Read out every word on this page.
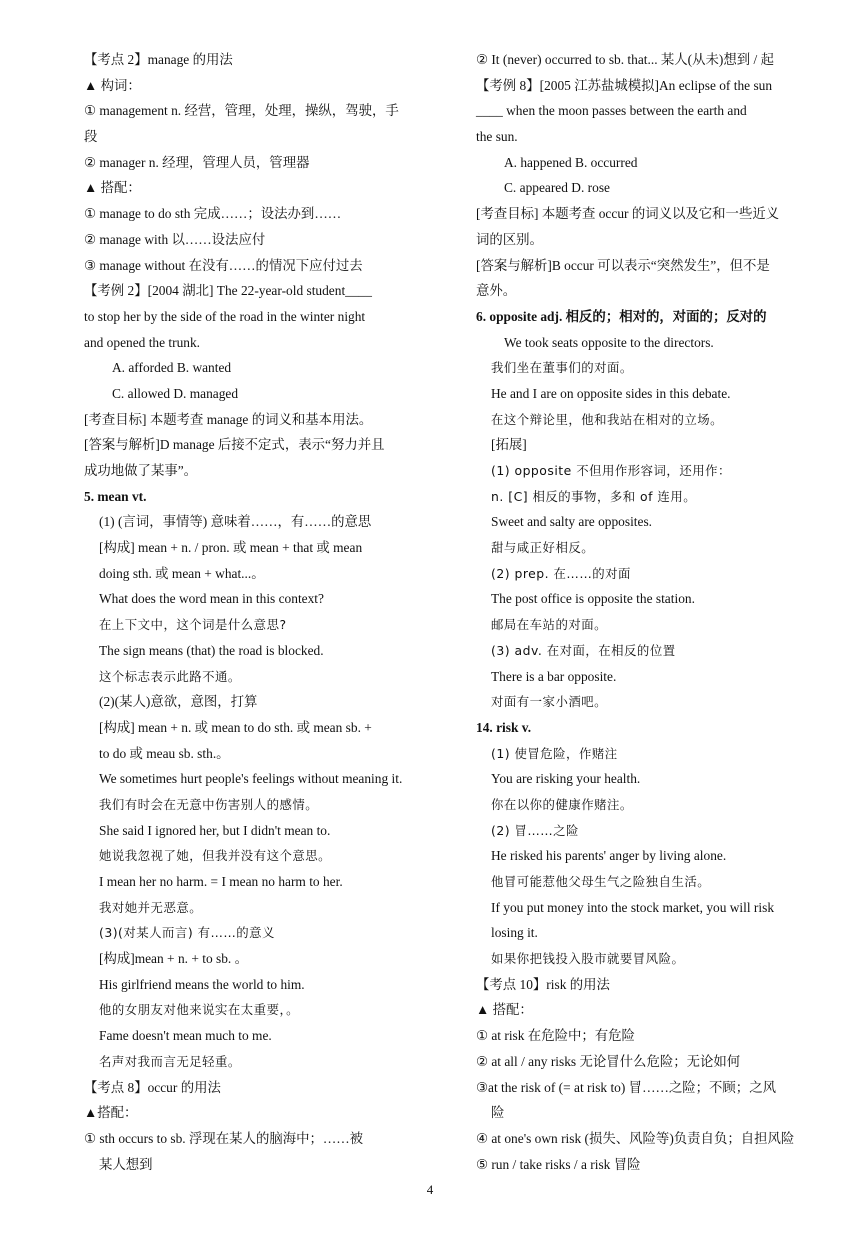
【考点 2】manage 的用法
▲ 构词：
① management n. 经营，管理，处理，操纵，驾驶，手
段
② manager n. 经理，管理人员，管理器
▲ 搭配：
① manage to do sth 完成……；设法办到……
② manage with 以……设法应付
③ manage without 在没有……的情况下应付过去
【考例 2】[2004 湖北] The 22-year-old student____
to stop her by the side of the road in the winter night
and opened the trunk.
A. afforded B. wanted
C. allowed D. managed
[考查目标] 本题考查 manage 的词义和基本用法。
[答案与解析]D manage 后接不定式，表示“努力并且
成功地做了某事”。
5. mean vt.
(1) (言词，事情等) 意味着……，有……的意思
[构成] mean + n. / pron. 或 mean + that 或 mean
doing sth. 或 mean + what...。
What does the word mean in this context?
在上下文中，这个词是什么意思?
The sign means (that) the road is blocked.
这个标志表示此路不通。
(2)(某人)意欲，意图，打算
[构成] mean + n. 或 mean to do sth. 或 mean sb. +
to do 或 meau sb. sth.。
We sometimes hurt people's feelings without meaning it.
我们有时会在无意中伤害别人的感情。
She said I ignored her, but I didn't mean to.
她说我忽视了她，但我并没有这个意思。
I mean her no harm. = I mean no harm to her.
我对她并无恶意。
(3)(对某人而言) 有……的意义
[构成]mean + n. + to sb. 。
His girlfriend means the world to him.
他的女朋友对他来说实在太重要，。
Fame doesn't mean much to me.
名声对我而言无足轻重。
【考点 8】occur 的用法
▲搭配：
① sth occurs to sb. 浮现在某人的脑海中；……被
某人想到
② It (never) occurred to sb. that... 某人(从未)想到 / 起
【考例 8】[2005 江苏盐城模拟]An eclipse of the sun
____ when the moon passes between the earth and
the sun.
A. happened B. occurred
C. appeared D. rose
[考查目标] 本题考查 occur 的词义以及它和一些近义
词的区别。
[答案与解析]B occur 可以表示“突然发生”，但不是
意外。
6. opposite adj. 相反的；相对的，对面的；反对的
We took seats opposite to the directors.
我们坐在董事们的对面。
He and I are on opposite sides in this debate.
在这个辩论里，他和我站在相对的立场。
[拓展]
(1) opposite 不但用作形容词，还用作：
n. [C] 相反的事物，多和 of 连用。
Sweet and salty are opposites.
甜与咸正好相反。
(2) prep. 在……的对面
The post office is opposite the station.
邮局在车站的对面。
(3) adv. 在对面，在相反的位置
There is a bar opposite.
对面有一家小酒吧。
14. risk v.
(1) 使冒危险，作赌注
You are risking your health.
你在以你的健康作赌注。
(2) 冒……之险
He risked his parents' anger by living alone.
他冒可能惹他父母生气之险独自生活。
If you put money into the stock market, you will risk
losing it.
如果你把钱投入股市就要冒风险。
【考点 10】risk 的用法
▲ 搭配：
① at risk 在危险中；有危险
② at all / any risks 无论冒什么危险；无论如何
③at the risk of (= at risk to) 冒……之险；不顾；之风
险
④ at one's own risk (损失、风险等)负责自负；自担风险
⑤ run / take risks / a risk 冒险
4
